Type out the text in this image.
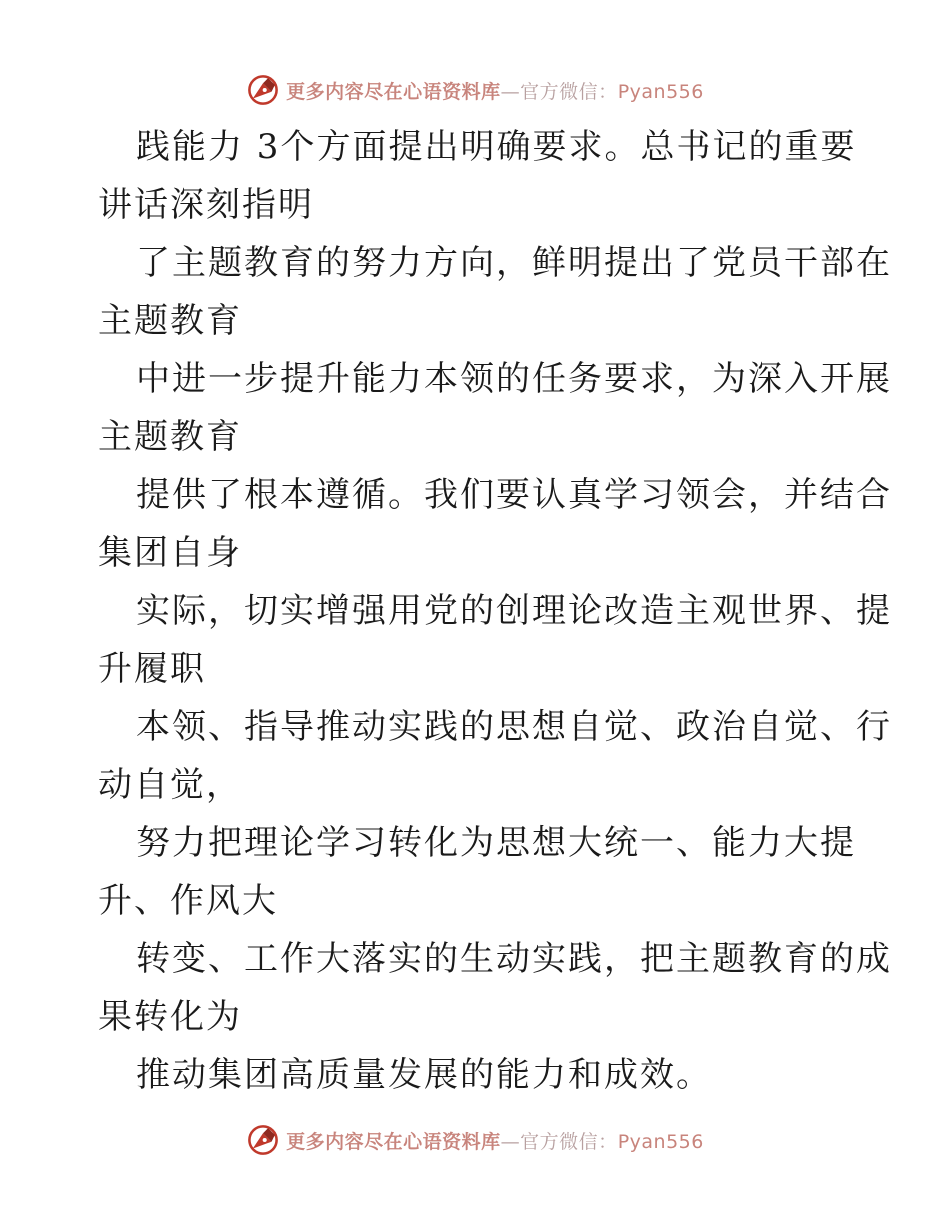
更多内容尽在心语资料库—官方微信：Pyan556
践能力 3个方面提出明确要求。总书记的重要
讲话深刻指明
了主题教育的努力方向，鲜明提出了党员干部在
主题教育
中进一步提升能力本领的任务要求，为深入开展
主题教育
提供了根本遵循。我们要认真学习领会，并结合
集团自身
实际，切实增强用党的创理论改造主观世界、提
升履职
本领、指导推动实践的思想自觉、政治自觉、行
动自觉，
努力把理论学习转化为思想大统一、能力大提
升、作风大
转变、工作大落实的生动实践，把主题教育的成
果转化为
推动集团高质量发展的能力和成效。
更多内容尽在心语资料库—官方微信：Pyan556
